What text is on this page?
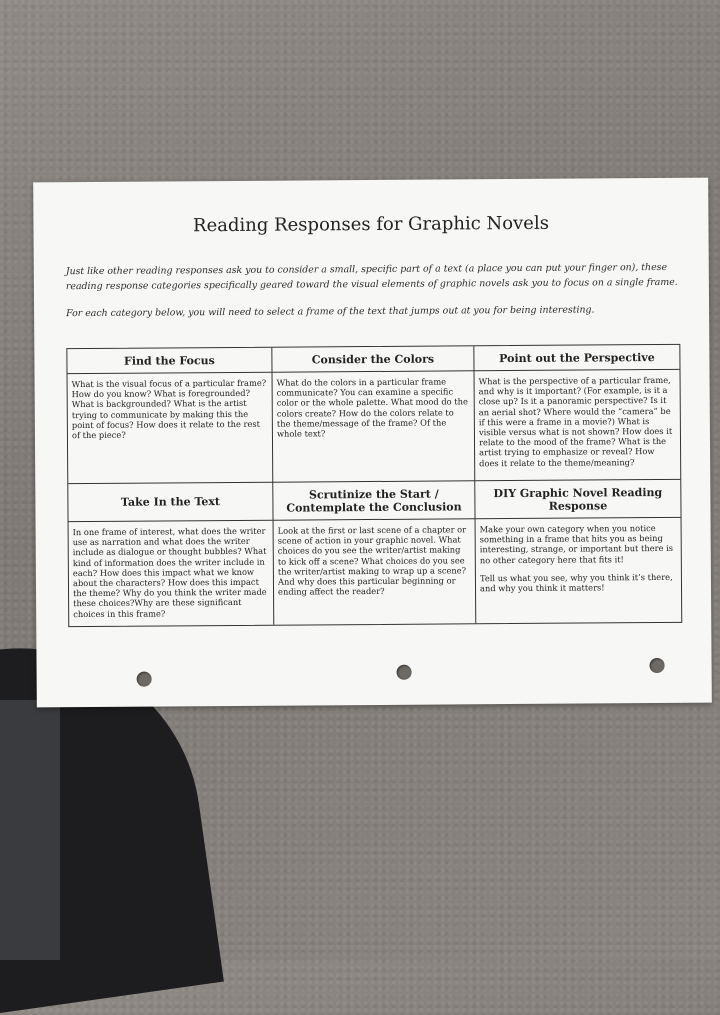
Reading Responses for Graphic Novels
Just like other reading responses ask you to consider a small, specific part of a text (a place you can put your finger on), these reading response categories specifically geared toward the visual elements of graphic novels ask you to focus on a single frame.
For each category below, you will need to select a frame of the text that jumps out at you for being interesting.
Find the Focus	Consider the Colors	Point out the Perspective
What is the visual focus of a particular frame? How do you know? What is foregrounded? What is backgrounded? What is the artist trying to communicate by making this the point of focus? How does it relate to the rest of the piece?
What do the colors in a particular frame communicate? You can examine a specific color or the whole palette. What mood do the colors create? How do the colors relate to the theme/message of the frame? Of the whole text?
What is the perspective of a particular frame, and why is it important? (For example, is it a close up? Is it a panoramic perspective? Is it an aerial shot? Where would the “camera” be if this were a frame in a movie?) What is visible versus what is not shown? How does it relate to the mood of the frame? What is the artist trying to emphasize or reveal? How does it relate to the theme/meaning?
Take In the Text
Scrutinize the Start / Contemplate the Conclusion
DIY Graphic Novel Reading Response
In one frame of interest, what does the writer use as narration and what does the writer include as dialogue or thought bubbles? What kind of information does the writer include in each? How does this impact what we know about the characters? How does this impact the theme? Why do you think the writer made these choices?Why are these significant choices in this frame?
Look at the first or last scene of a chapter or scene of action in your graphic novel. What choices do you see the writer/artist making to kick off a scene? What choices do you see the writer/artist making to wrap up a scene? And why does this particular beginning or ending affect the reader?

Make your own category when you notice something in a frame that hits you as being interesting, strange, or important but there is no other category here that fits it!

Tell us what you see, why you think it’s there, and why you think it matters!
